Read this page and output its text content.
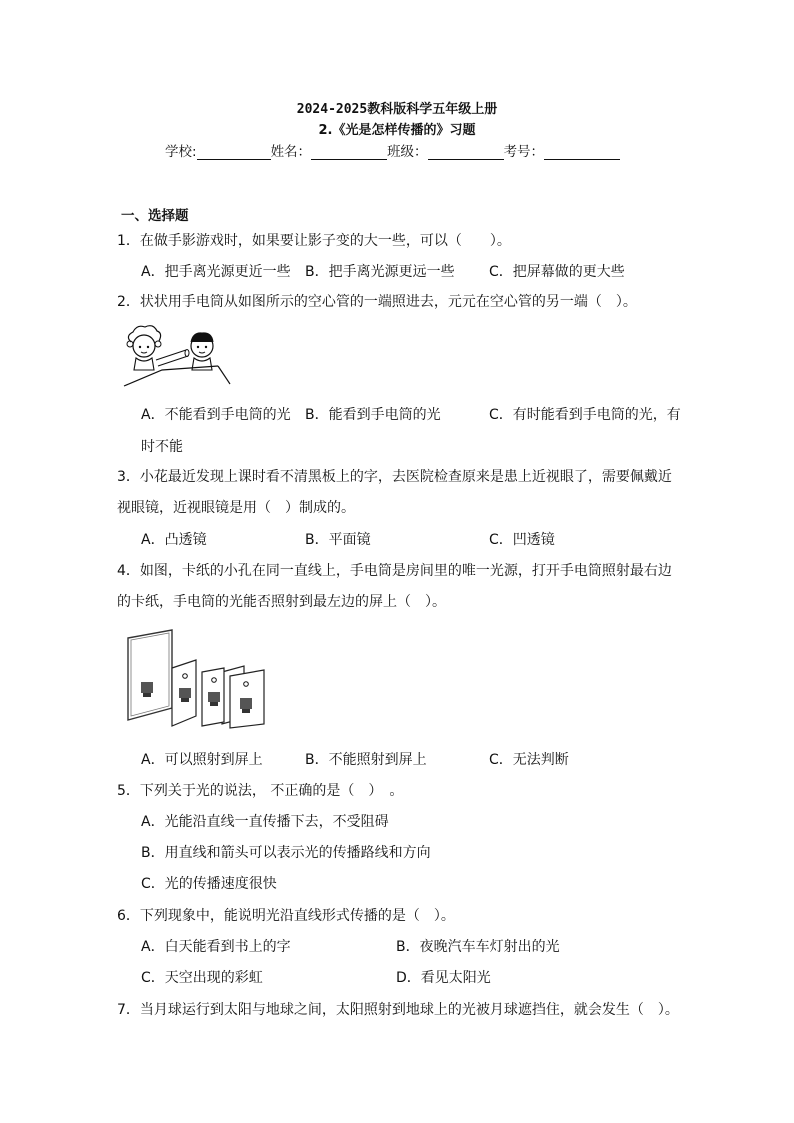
2024-2025教科版科学五年级上册
2.《光是怎样传播的》习题
学校:	姓名：	班级：	考号：
一、选择题
1．在做手影游戏时，如果要让影子变的大一些，可以（　　）。
A．把手离光源更近一些 B．把手离光源更远一些 C．把屏幕做的更大些
2．状状用手电筒从如图所示的空心管的一端照进去，元元在空心管的另一端（　）。
A．不能看到手电筒的光 B．能看到手电筒的光	C．有时能看到手电筒的光，有
时不能
3．小花最近发现上课时看不清黑板上的字，去医院检查原来是患上近视眼了，需要佩戴近
视眼镜，近视眼镜是用（　）制成的。
A．凸透镜	B．平面镜	C．凹透镜
4．如图，卡纸的小孔在同一直线上，手电筒是房间里的唯一光源，打开手电筒照射最右边
的卡纸，手电筒的光能否照射到最左边的屏上（　）。
A．可以照射到屏上	B．不能照射到屏上	C．无法判断
5．下列关于光的说法， 不正确的是（　）　。
A．光能沿直线一直传播下去，不受阻碍
B．用直线和箭头可以表示光的传播路线和方向
C．光的传播速度很快
6．下列现象中，能说明光沿直线形式传播的是（　）。
A．白天能看到书上的字	B．夜晚汽车车灯射出的光
C．天空出现的彩虹	D．看见太阳光
7．当月球运行到太阳与地球之间，太阳照射到地球上的光被月球遮挡住，就会发生（　）。
